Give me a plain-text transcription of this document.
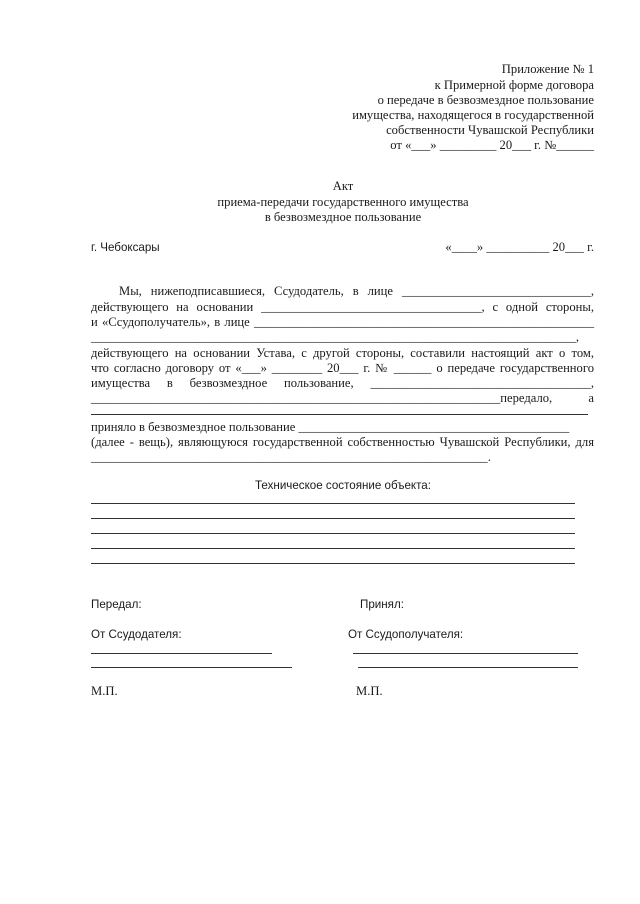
Приложение № 1
к Примерной форме договора
о передаче в безвозмездное пользование
имущества, находящегося в государственной
собственности Чувашской Республики
от «___» _________ 20___ г. №______
Акт
приема-передачи государственного имущества
в безвозмездное пользование
г. Чебоксары	«____» __________ 20___ г.
Мы, нижеподписавшиеся, Ссудодатель, в лице ______________________________,
действующего на основании ___________________________________, с одной стороны,
и «Ссудополучатель», в лице ______________________________________________________
_____________________________________________________________________________,
действующего на основании Устава, с другой стороны, составили настоящий акт о том,
что согласно договору от «___» ________ 20___ г. № ______ о передаче государственного
имущества в безвозмездное пользование, ___________________________________,
_________________________________________________________________передало, а
приняло в безвозмездное пользование ___________________________________________
(далее - вещь), являющуюся государственной собственностью Чувашской Республики, для
_______________________________________________________________.
Техническое состояние объекта:
Передал:	Принял:
От Ссудодателя:	От Ссудополучателя:
М.П.	М.П.
